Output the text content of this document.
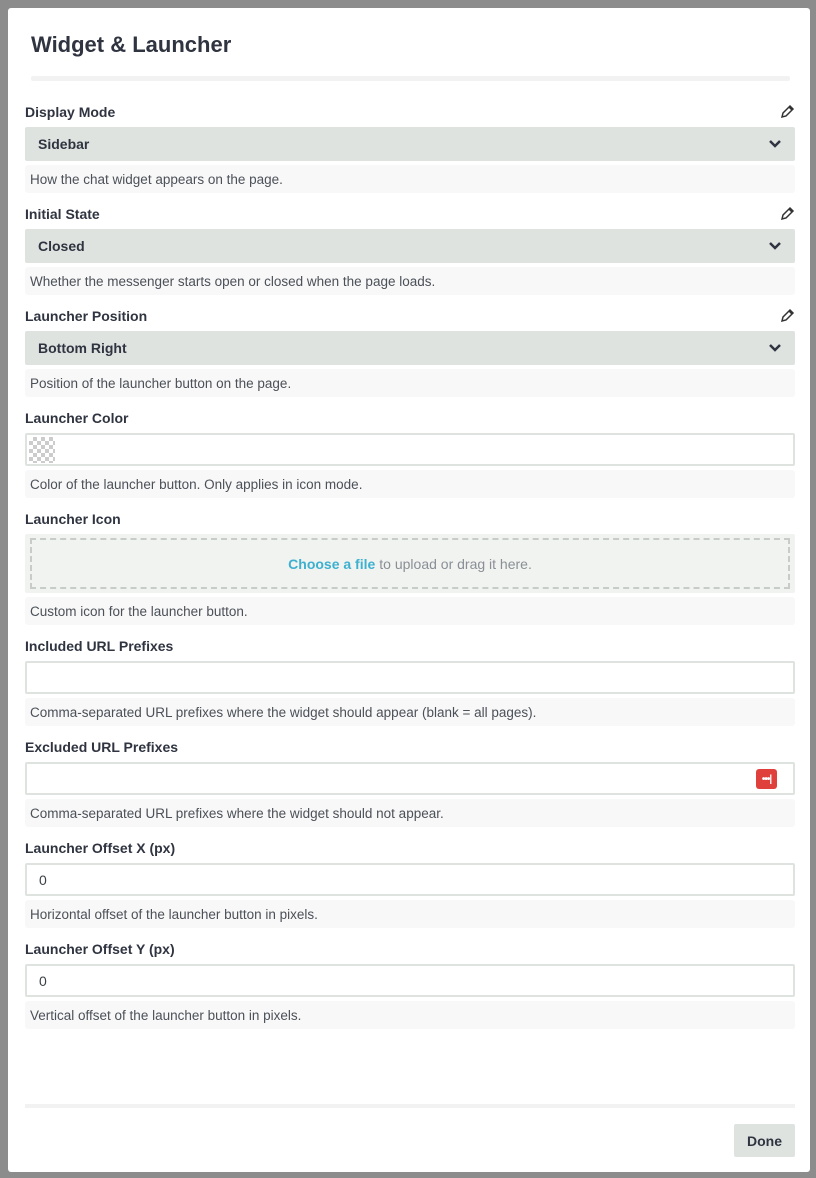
Widget & Launcher
Display Mode
Sidebar
How the chat widget appears on the page.
Initial State
Closed
Whether the messenger starts open or closed when the page loads.
Launcher Position
Bottom Right
Position of the launcher button on the page.
Launcher Color
Color of the launcher button. Only applies in icon mode.
Launcher Icon
Choose a file to upload or drag it here.
Custom icon for the launcher button.
Included URL Prefixes
Comma-separated URL prefixes where the widget should appear (blank = all pages).
Excluded URL Prefixes
•••|
Comma-separated URL prefixes where the widget should not appear.
Launcher Offset X (px)
0
Horizontal offset of the launcher button in pixels.
Launcher Offset Y (px)
0
Vertical offset of the launcher button in pixels.
Done
